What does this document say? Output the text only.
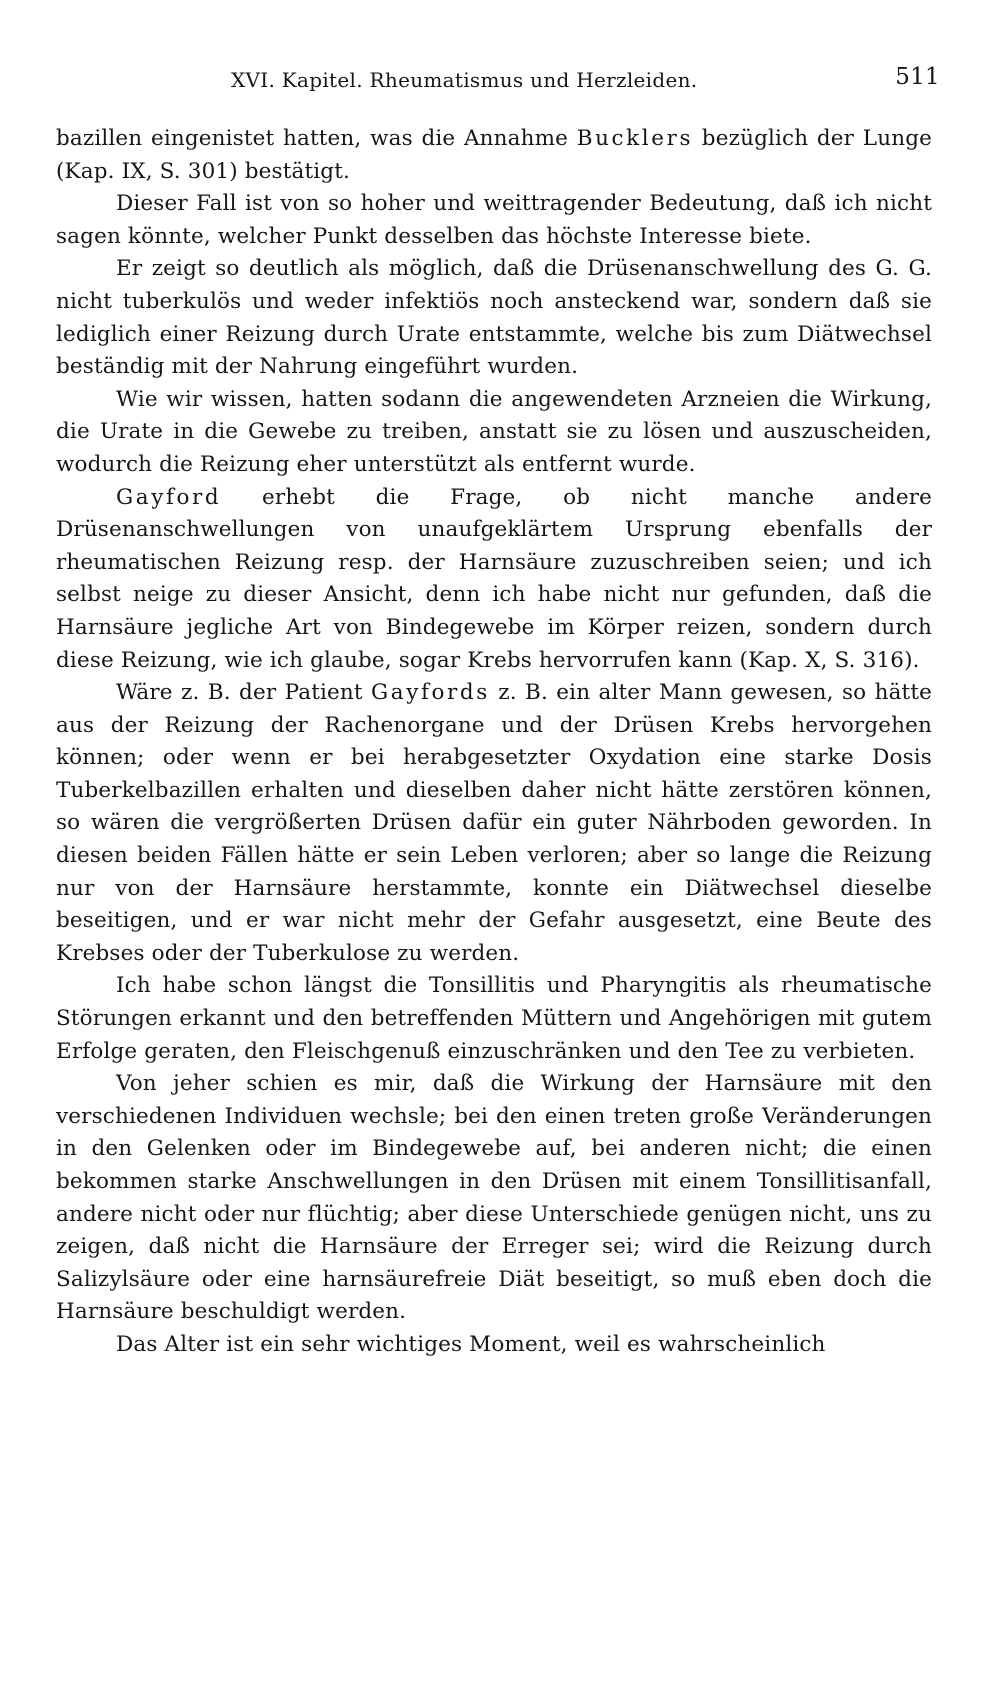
XVI. Kapitel. Rheumatismus und Herzleiden.	511

bazillen eingenistet hatten, was die Annahme Bucklers bezüglich der Lunge (Kap. IX, S. 301) bestätigt.

Dieser Fall ist von so hoher und weittragender Bedeutung, daß ich nicht sagen könnte, welcher Punkt desselben das höchste Interesse biete.

Er zeigt so deutlich als möglich, daß die Drüsenanschwellung des G. G. nicht tuberkulös und weder infektiös noch ansteckend war, sondern daß sie lediglich einer Reizung durch Urate entstammte, welche bis zum Diätwechsel beständig mit der Nahrung eingeführt wurden.

Wie wir wissen, hatten sodann die angewendeten Arzneien die Wirkung, die Urate in die Gewebe zu treiben, anstatt sie zu lösen und auszuscheiden, wodurch die Reizung eher unterstützt als entfernt wurde.

Gayford erhebt die Frage, ob nicht manche andere Drüsenanschwellungen von unaufgeklärtem Ursprung ebenfalls der rheumatischen Reizung resp. der Harnsäure zuzuschreiben seien; und ich selbst neige zu dieser Ansicht, denn ich habe nicht nur gefunden, daß die Harnsäure jegliche Art von Bindegewebe im Körper reizen, sondern durch diese Reizung, wie ich glaube, sogar Krebs hervorrufen kann (Kap. X, S. 316).

Wäre z. B. der Patient Gayfords z. B. ein alter Mann gewesen, so hätte aus der Reizung der Rachenorgane und der Drüsen Krebs hervorgehen können; oder wenn er bei herabgesetzter Oxydation eine starke Dosis Tuberkelbazillen erhalten und dieselben daher nicht hätte zerstören können, so wären die vergrößerten Drüsen dafür ein guter Nährboden geworden. In diesen beiden Fällen hätte er sein Leben verloren; aber so lange die Reizung nur von der Harnsäure herstammte, konnte ein Diätwechsel dieselbe beseitigen, und er war nicht mehr der Gefahr ausgesetzt, eine Beute des Krebses oder der Tuberkulose zu werden.

Ich habe schon längst die Tonsillitis und Pharyngitis als rheumatische Störungen erkannt und den betreffenden Müttern und Angehörigen mit gutem Erfolge geraten, den Fleischgenuß einzuschränken und den Tee zu verbieten.

Von jeher schien es mir, daß die Wirkung der Harnsäure mit den verschiedenen Individuen wechsle; bei den einen treten große Veränderungen in den Gelenken oder im Bindegewebe auf, bei anderen nicht; die einen bekommen starke Anschwellungen in den Drüsen mit einem Tonsillitisanfall, andere nicht oder nur flüchtig; aber diese Unterschiede genügen nicht, uns zu zeigen, daß nicht die Harnsäure der Erreger sei; wird die Reizung durch Salizylsäure oder eine harnsäurefreie Diät beseitigt, so muß eben doch die Harnsäure beschuldigt werden.

Das Alter ist ein sehr wichtiges Moment, weil es wahrscheinlich
